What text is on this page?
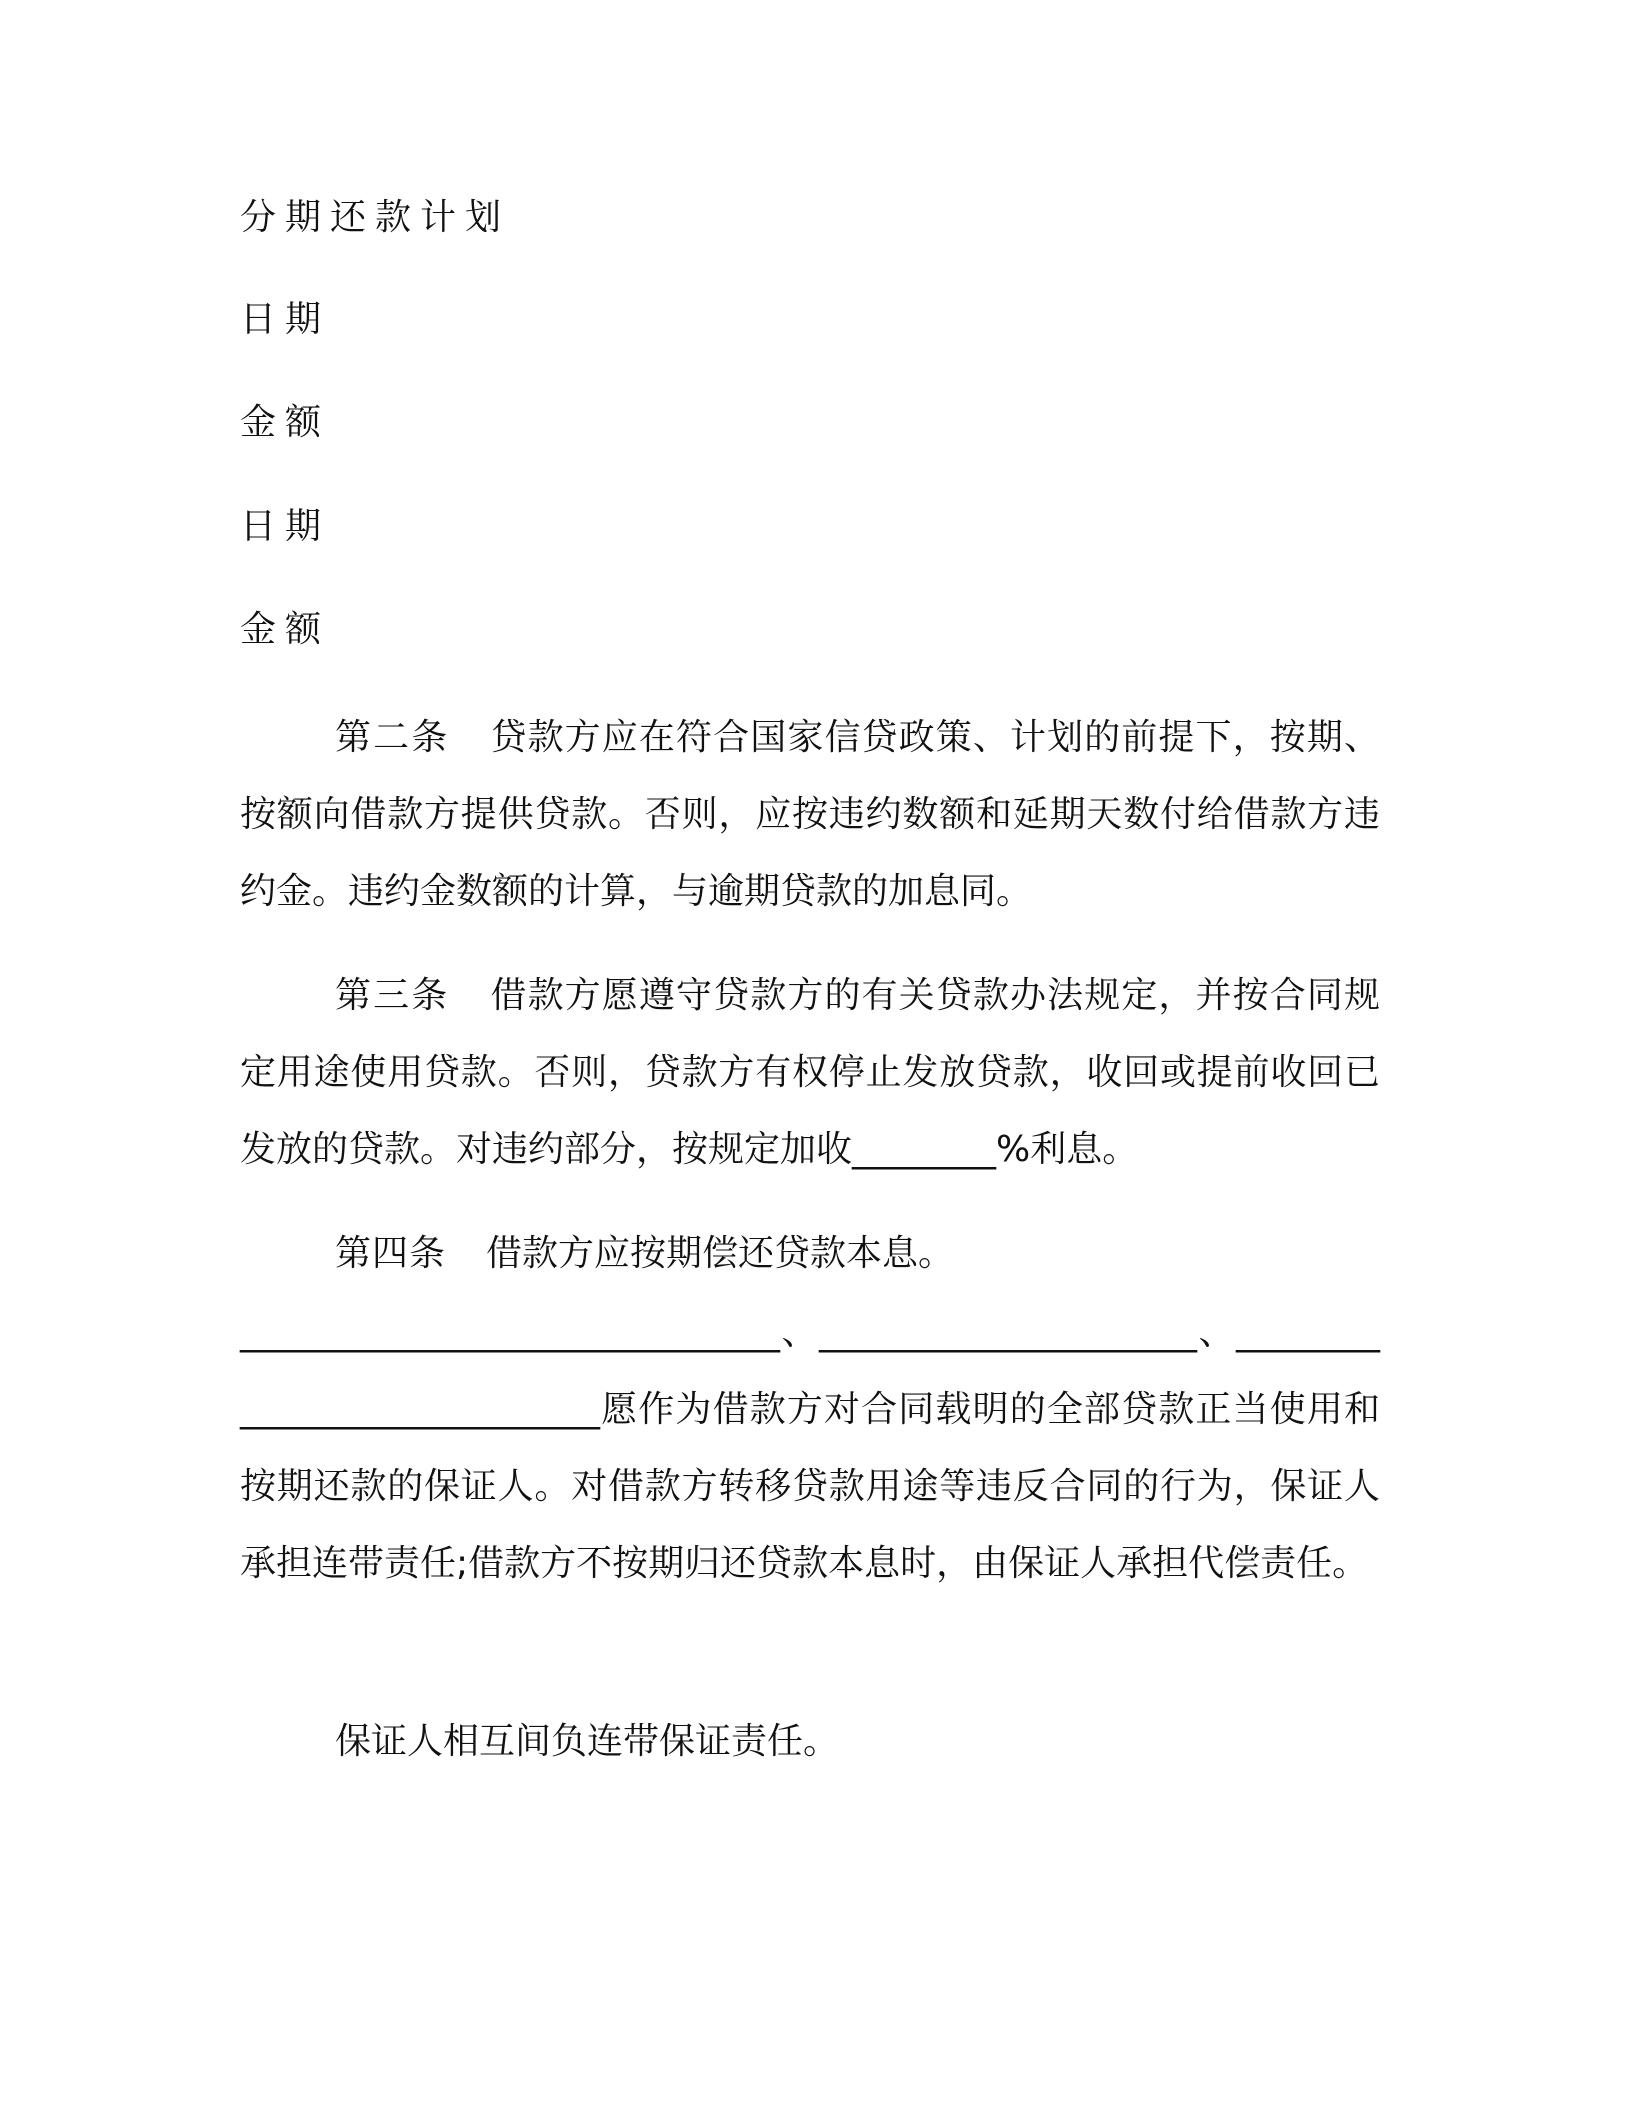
分期还款计划
日期
金额
日期
金额
第二条 贷款方应在符合国家信贷政策、计划的前提下，按期、按额向借款方提供贷款。否则，应按违约数额和延期天数付给借款方违约金。违约金数额的计算，与逾期贷款的加息同。
第三条 借款方愿遵守贷款方的有关贷款办法规定，并按合同规定用途使用贷款。否则，贷款方有权停止发放贷款，收回或提前收回已发放的贷款。对违约部分，按规定加收________%利息。
第四条 借款方应按期偿还贷款本息。
______________________________、_____________________、____________________________愿作为借款方对合同载明的全部贷款正当使用和按期还款的保证人。对借款方转移贷款用途等违反合同的行为，保证人承担连带责任;借款方不按期归还贷款本息时，由保证人承担代偿责任。
保证人相互间负连带保证责任。
